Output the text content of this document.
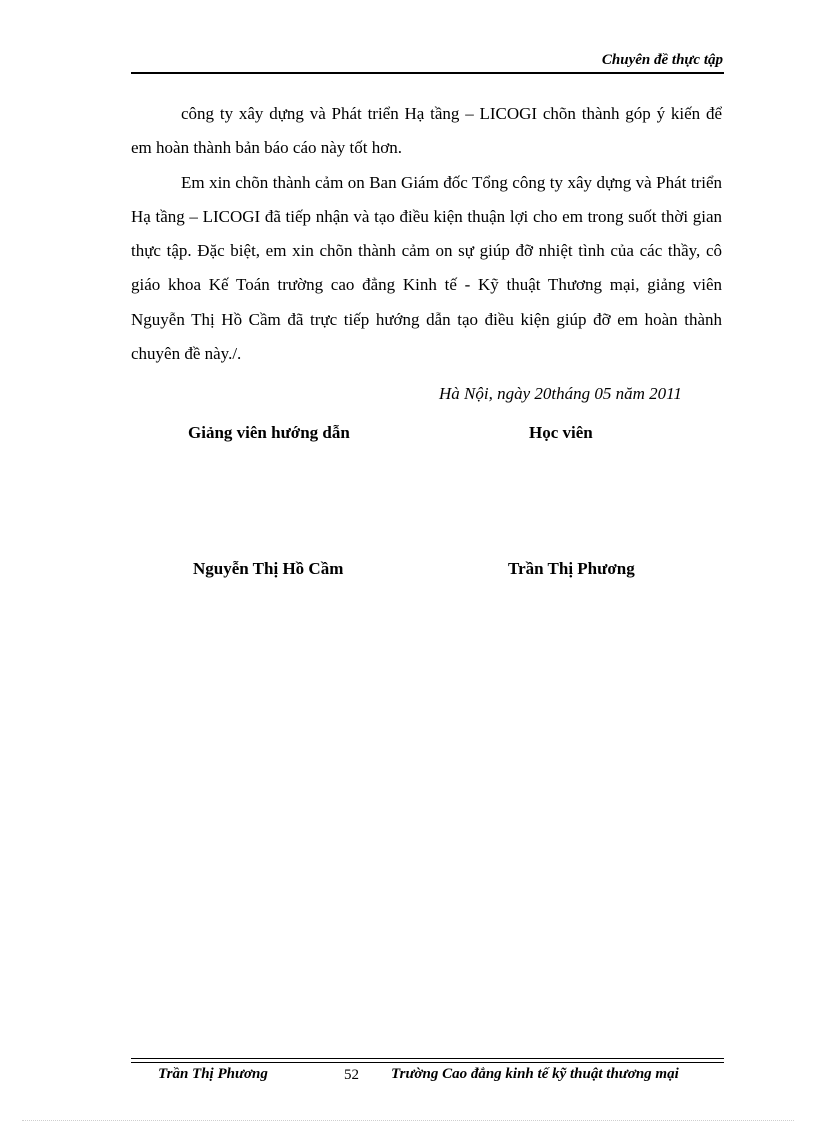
Chuyên đề thực tập

công ty xây dựng và Phát triển Hạ tầng – LICOGI chõn thành góp ý kiến để em hoàn thành bản báo cáo này tốt hơn.

Em xin chõn thành cảm on Ban Giám đốc Tổng công ty xây dựng và Phát triển Hạ tầng – LICOGI đã tiếp nhận và tạo điều kiện thuận lợi cho em trong suốt thời gian thực tập. Đặc biệt, em xin chõn thành cảm on sự giúp đỡ nhiệt tình của các thầy, cô giáo khoa Kế Toán trường cao đẳng Kinh tế - Kỹ thuật Thương mại, giảng viên Nguyễn Thị Hồ Cầm đã trực tiếp hướng dẫn tạo điều kiện giúp đỡ em hoàn thành chuyên đề này./.

Hà Nội, ngày 20tháng 05 năm 2011
Giảng viên hướng dẫn	Học viên
Nguyễn Thị Hồ Cầm	Trần Thị Phương
Trần Thị Phương	52 Trường Cao đẳng kinh tế kỹ thuật thương mại
